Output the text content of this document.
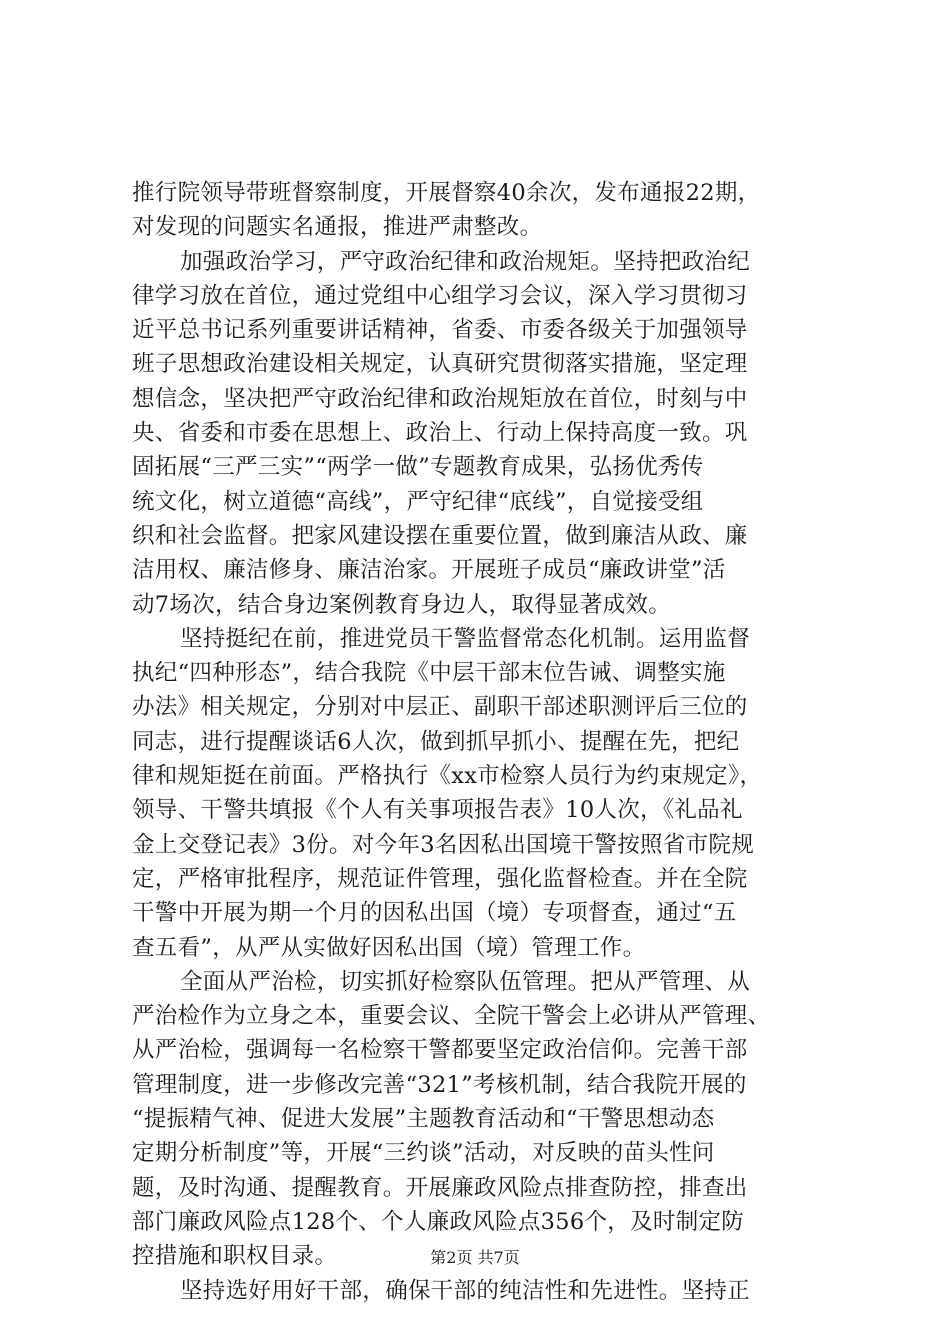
推行院领导带班督察制度，开展督察40余次，发布通报22期，
对发现的问题实名通报，推进严肃整改。
加强政治学习，严守政治纪律和政治规矩。坚持把政治纪
律学习放在首位，通过党组中心组学习会议，深入学习贯彻习
近平总书记系列重要讲话精神，省委、市委各级关于加强领导
班子思想政治建设相关规定，认真研究贯彻落实措施，坚定理
想信念，坚决把严守政治纪律和政治规矩放在首位，时刻与中
央、省委和市委在思想上、政治上、行动上保持高度一致。巩
固拓展“三严三实”“两学一做”专题教育成果，弘扬优秀传
统文化，树立道德“高线”，严守纪律“底线”，自觉接受组
织和社会监督。把家风建设摆在重要位置，做到廉洁从政、廉
洁用权、廉洁修身、廉洁治家。开展班子成员“廉政讲堂”活
动7场次，结合身边案例教育身边人，取得显著成效。
坚持挺纪在前，推进党员干警监督常态化机制。运用监督
执纪“四种形态”，结合我院《中层干部末位告诫、调整实施
办法》相关规定，分别对中层正、副职干部述职测评后三位的
同志，进行提醒谈话6人次，做到抓早抓小、提醒在先，把纪
律和规矩挺在前面。严格执行《xx市检察人员行为约束规定》，
领导、干警共填报《个人有关事项报告表》10人次，《礼品礼
金上交登记表》3份。对今年3名因私出国境干警按照省市院规
定，严格审批程序，规范证件管理，强化监督检查。并在全院
干警中开展为期一个月的因私出国（境）专项督查，通过“五
查五看”，从严从实做好因私出国（境）管理工作。
全面从严治检，切实抓好检察队伍管理。把从严管理、从
严治检作为立身之本，重要会议、全院干警会上必讲从严管理、
从严治检，强调每一名检察干警都要坚定政治信仰。完善干部
管理制度，进一步修改完善“321”考核机制，结合我院开展的
“提振精气神、促进大发展”主题教育活动和“干警思想动态
定期分析制度”等，开展“三约谈”活动，对反映的苗头性问
题，及时沟通、提醒教育。开展廉政风险点排查防控，排查出
部门廉政风险点128个、个人廉政风险点356个，及时制定防
控措施和职权目录。
坚持选好用好干部，确保干部的纯洁性和先进性。坚持正
第2页 共7页
